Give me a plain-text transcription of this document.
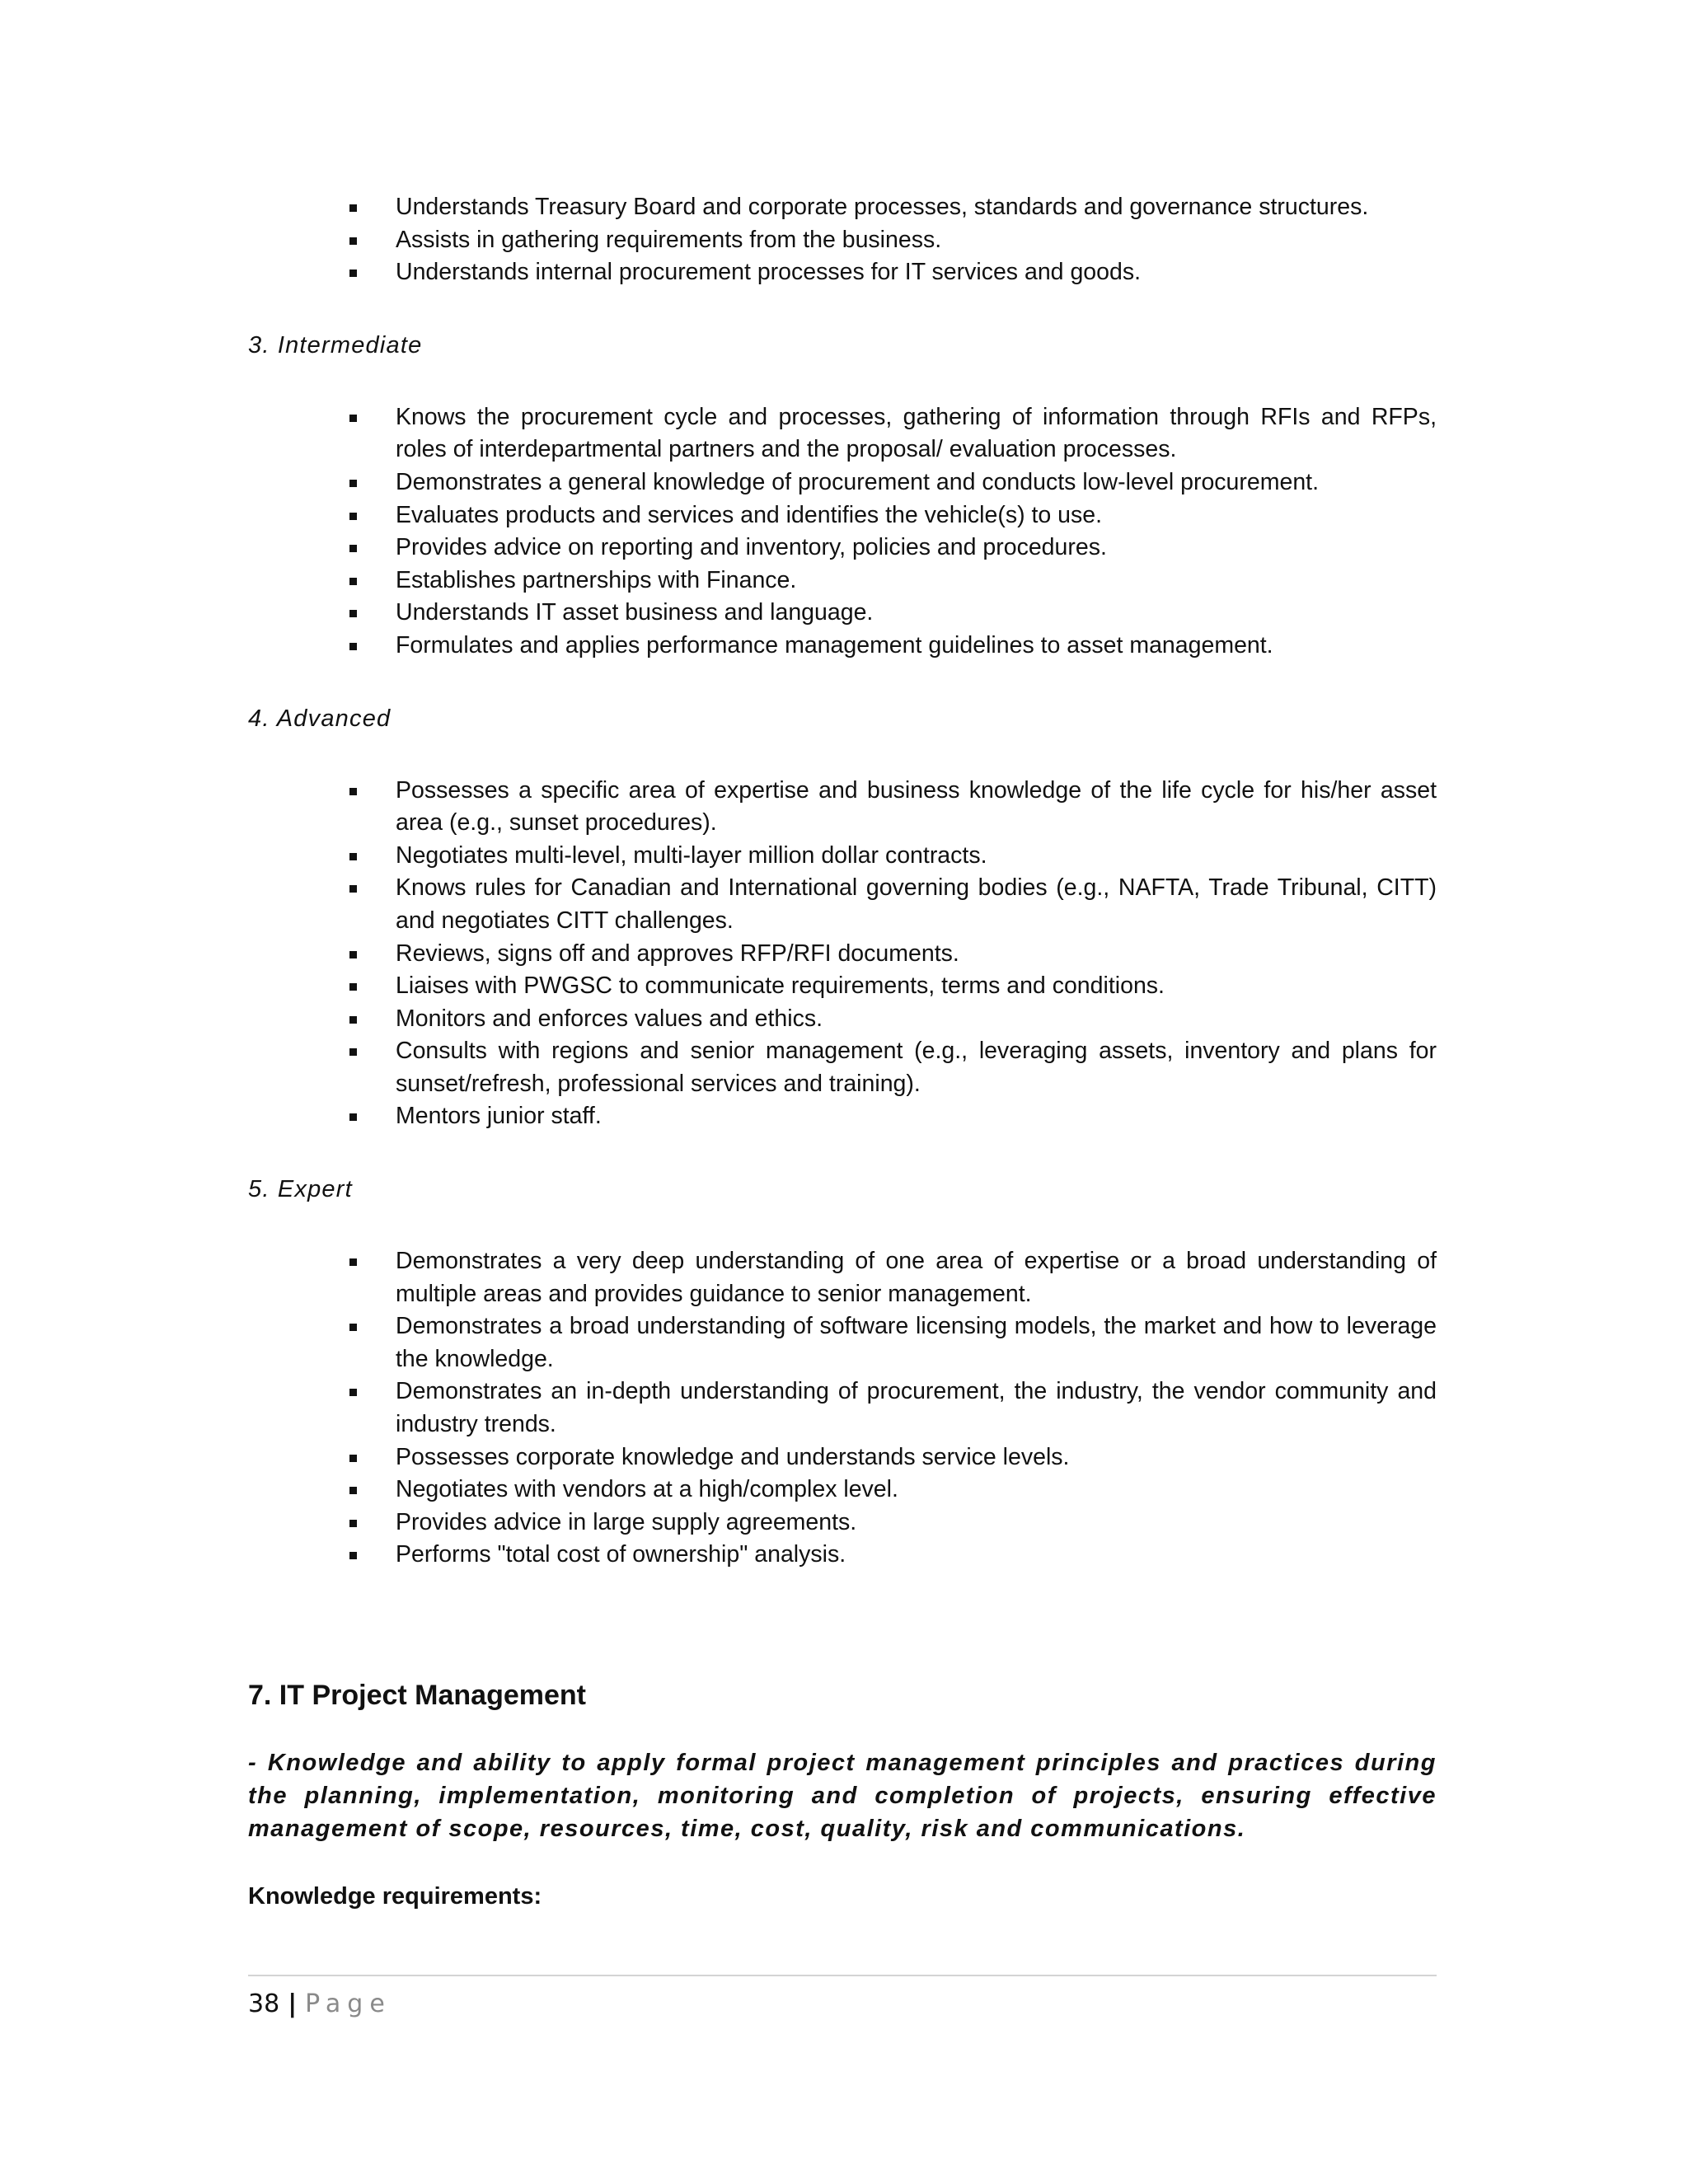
Understands Treasury Board and corporate processes, standards and governance structures.
Assists in gathering requirements from the business.
Understands internal procurement processes for IT services and goods.
3. Intermediate
Knows the procurement cycle and processes, gathering of information through RFIs and RFPs, roles of interdepartmental partners and the proposal/ evaluation processes.
Demonstrates a general knowledge of procurement and conducts low-level procurement.
Evaluates products and services and identifies the vehicle(s) to use.
Provides advice on reporting and inventory, policies and procedures.
Establishes partnerships with Finance.
Understands IT asset business and language.
Formulates and applies performance management guidelines to asset management.
4. Advanced
Possesses a specific area of expertise and business knowledge of the life cycle for his/her asset area (e.g., sunset procedures).
Negotiates multi-level, multi-layer million dollar contracts.
Knows rules for Canadian and International governing bodies (e.g., NAFTA, Trade Tribunal, CITT) and negotiates CITT challenges.
Reviews, signs off and approves RFP/RFI documents.
Liaises with PWGSC to communicate requirements, terms and conditions.
Monitors and enforces values and ethics.
Consults with regions and senior management (e.g., leveraging assets, inventory and plans for sunset/refresh, professional services and training).
Mentors junior staff.
5. Expert
Demonstrates a very deep understanding of one area of expertise or a broad understanding of multiple areas and provides guidance to senior management.
Demonstrates a broad understanding of software licensing models, the market and how to leverage the knowledge.
Demonstrates an in-depth understanding of procurement, the industry, the vendor community and industry trends.
Possesses corporate knowledge and understands service levels.
Negotiates with vendors at a high/complex level.
Provides advice in large supply agreements.
Performs "total cost of ownership" analysis.
7. IT Project Management
- Knowledge and ability to apply formal project management principles and practices during the planning, implementation, monitoring and completion of projects, ensuring effective management of scope, resources, time, cost, quality, risk and communications.
Knowledge requirements:
38 | Page
